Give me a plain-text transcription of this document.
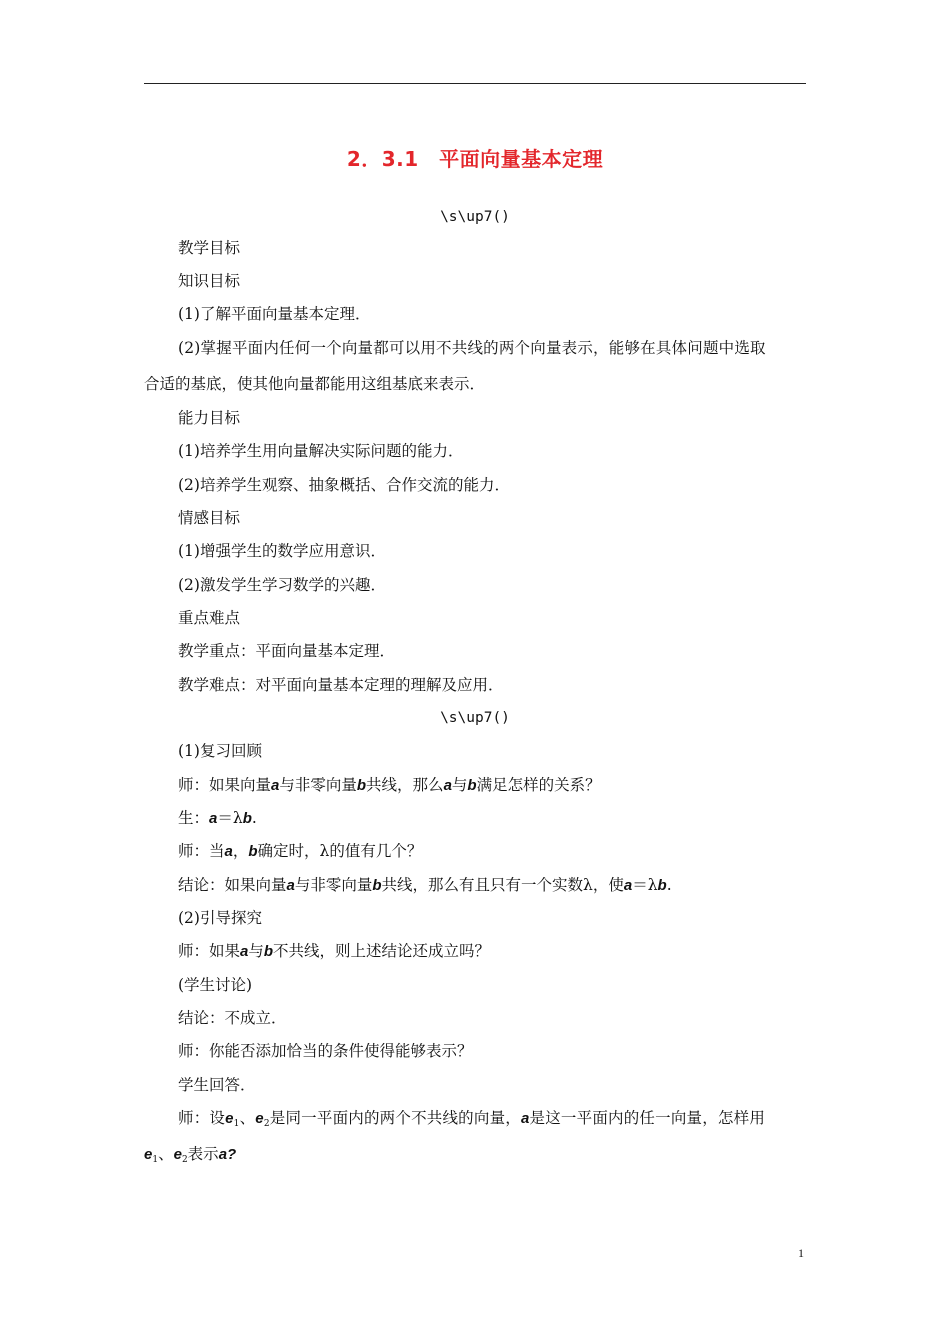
2．3.1　平面向量基本定理
\s\up7()
教学目标
知识目标
(1)了解平面向量基本定理．
(2)掌握平面内任何一个向量都可以用不共线的两个向量表示，能够在具体问题中选取
合适的基底，使其他向量都能用这组基底来表示．
能力目标
(1)培养学生用向量解决实际问题的能力．
(2)培养学生观察、抽象概括、合作交流的能力．
情感目标
(1)增强学生的数学应用意识．
(2)激发学生学习数学的兴趣．
重点难点
教学重点：平面向量基本定理．
教学难点：对平面向量基本定理的理解及应用．
\s\up7()
(1)复习回顾
师：如果向量a与非零向量b共线，那么a与b满足怎样的关系？
生：a＝λb.
师：当a，b确定时，λ的值有几个？
结论：如果向量a与非零向量b共线，那么有且只有一个实数λ，使a＝λb.
(2)引导探究
师：如果a与b不共线，则上述结论还成立吗？
(学生讨论)
结论：不成立．
师：你能否添加恰当的条件使得能够表示？
学生回答．
师：设$e_1$、$e_2$是同一平面内的两个不共线的向量，a是这一平面内的任一向量，怎样用
$e_1$、$e_2$表示a?
1
